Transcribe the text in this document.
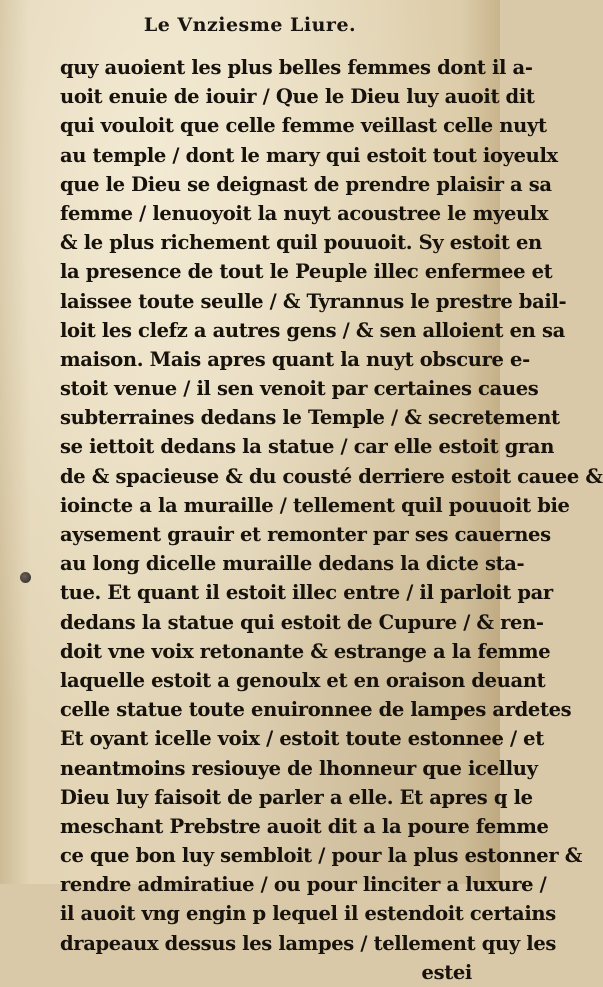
Le Vnziesme Liure.
quy auoient les plus belles femmes dont il a-
uoit enuie de iouir / Que le Dieu luy auoit dit
qui vouloit que celle femme veillast celle nuyt
au temple / dont le mary qui estoit tout ioyeulx
que le Dieu se deignast de prendre plaisir a sa
femme / lenuoyoit la nuyt acoustree le myeulx
& le plus richement quil pouuoit. Sy estoit en
la presence de tout le Peuple illec enfermee et
laissee toute seulle / & Tyrannus le prestre bail-
loit les clefz a autres gens / & sen alloient en sa
maison. Mais apres quant la nuyt obscure e-
stoit venue / il sen venoit par certaines caues
subterraines dedans le Temple / & secretement
se iettoit dedans la statue / car elle estoit gran
de & spacieuse & du cousté derriere estoit cauee &
ioincte a la muraille / tellement quil pouuoit bie
aysement grauir et remonter par ses cauernes
au long dicelle muraille dedans la dicte sta-
tue. Et quant il estoit illec entre / il parloit par
dedans la statue qui estoit de Cupure / & ren-
doit vne voix retonante & estrange a la femme
laquelle estoit a genoulx et en oraison deuant
celle statue toute enuironnee de lampes ardetes
Et oyant icelle voix / estoit toute estonnee / et
neantmoins resiouye de lhonneur que icelluy
Dieu luy faisoit de parler a elle. Et apres q le
meschant Prebstre auoit dit a la poure femme
ce que bon luy sembloit / pour la plus estonner &
rendre admiratiue / ou pour linciter a luxure /
il auoit vng engin p lequel il estendoit certains
drapeaux dessus les lampes / tellement quy les
estei
